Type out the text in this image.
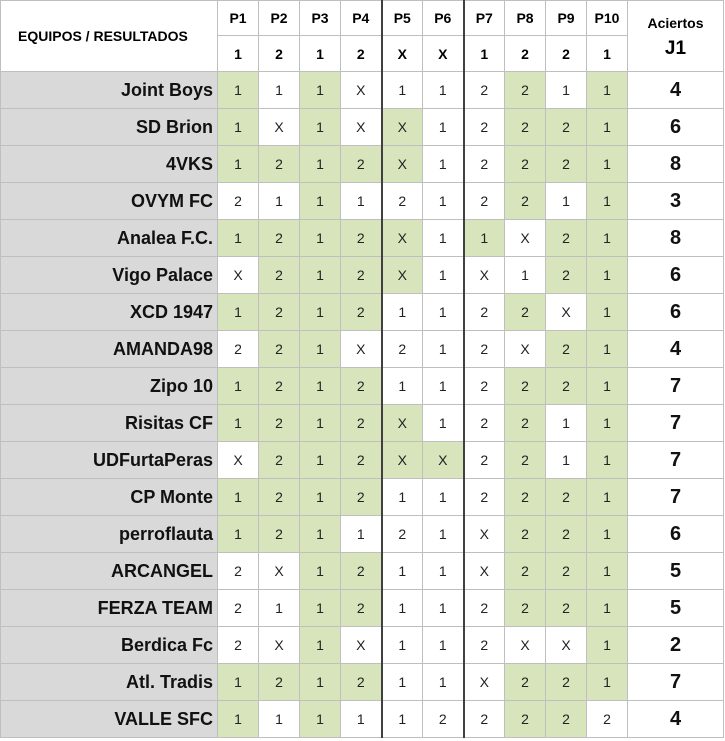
EQUIPOS / RESULTADOS	P1	P2	P3	P4	P5	P6	P7	P8	P9	P10	Aciertos
J1

	1	2	1	2	X	X	1	2	2	1	
Joint Boys	1	1	1	X	1	1	2	2	1	1	4
SD Brion	1	X	1	X	X	1	2	2	2	1	6
4VKS	1	2	1	2	X	1	2	2	2	1	8
OVYM FC	2	1	1	1	2	1	2	2	1	1	3
Analea F.C.	1	2	1	2	X	1	1	X	2	1	8
Vigo Palace	X	2	1	2	X	1	X	1	2	1	6
XCD 1947	1	2	1	2	1	1	2	2	X	1	6
AMANDA98	2	2	1	X	2	1	2	X	2	1	4
Zipo 10	1	2	1	2	1	1	2	2	2	1	7
Risitas CF	1	2	1	2	X	1	2	2	1	1	7
UDFurtaPeras	X	2	1	2	X	X	2	2	1	1	7
CP Monte	1	2	1	2	1	1	2	2	2	1	7
perroflauta	1	2	1	1	2	1	X	2	2	1	6
ARCANGEL	2	X	1	2	1	1	X	2	2	1	5
FERZA TEAM	2	1	1	2	1	1	2	2	2	1	5
Berdica Fc	2	X	1	X	1	1	2	X	X	1	2
Atl. Tradis	1	2	1	2	1	1	X	2	2	1	7
VALLE SFC	1	1	1	1	1	2	2	2	2	2	4
